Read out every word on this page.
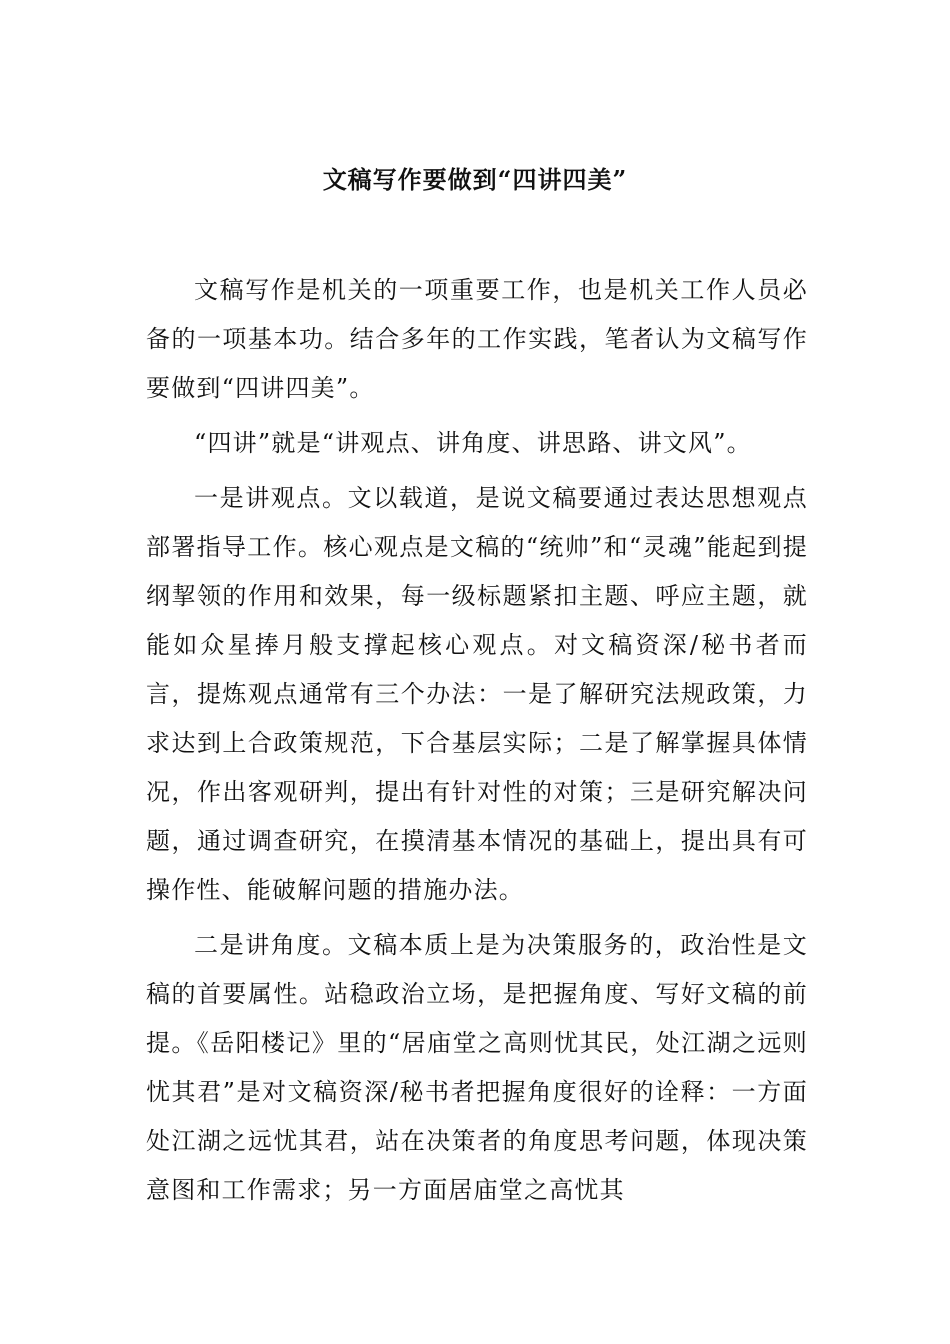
文稿写作要做到“四讲四美”

文稿写作是机关的一项重要工作，也是机关工作人员必备的一项基本功。结合多年的工作实践，笔者认为文稿写作要做到“四讲四美”。

“四讲”就是“讲观点、讲角度、讲思路、讲文风”。

一是讲观点。文以载道，是说文稿要通过表达思想观点部署指导工作。核心观点是文稿的“统帅”和“灵魂”能起到提纲挈领的作用和效果，每一级标题紧扣主题、呼应主题，就能如众星捧月般支撑起核心观点。对文稿资深/秘书者而言，提炼观点通常有三个办法：一是了解研究法规政策，力求达到上合政策规范，下合基层实际；二是了解掌握具体情况，作出客观研判，提出有针对性的对策；三是研究解决问题，通过调查研究，在摸清基本情况的基础上，提出具有可操作性、能破解问题的措施办法。

二是讲角度。文稿本质上是为决策服务的，政治性是文稿的首要属性。站稳政治立场，是把握角度、写好文稿的前提。《岳阳楼记》里的“居庙堂之高则忧其民，处江湖之远则忧其君”是对文稿资深/秘书者把握角度很好的诠释：一方面处江湖之远忧其君，站在决策者的角度思考问题，体现决策意图和工作需求；另一方面居庙堂之高忧其
